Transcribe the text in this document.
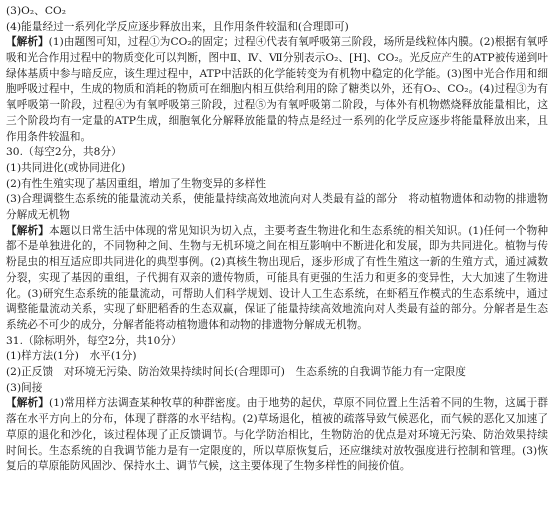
(3)O₂、CO₂
(4)能量经过一系列化学反应逐步释放出来，且作用条件较温和(合理即可)
【解析】(1)由题图可知，过程①为CO₂的固定；过程④代表有氧呼吸第三阶段，场所是线粒体内膜。(2)根据有氧呼吸和光合作用过程中的物质变化可以判断，图中Ⅱ、Ⅳ、Ⅶ分别表示O₂、[H]、CO₂。光反应产生的ATP被传递到叶绿体基质中参与暗反应，该生理过程中，ATP中活跃的化学能转变为有机物中稳定的化学能。(3)图中光合作用和细胞呼吸过程中，生成的物质和消耗的物质可在细胞内相互供给利用的除了糖类以外，还有O₂、CO₂。(4)过程③为有氧呼吸第一阶段，过程④为有氧呼吸第三阶段，过程⑤为有氧呼吸第二阶段，与体外有机物燃烧释放能量相比，这三个阶段均有一定量的ATP生成，细胞氧化分解释放能量的特点是经过一系列的化学反应逐步将能量释放出来，且作用条件较温和。
30.（每空2分，共8分）
(1)共同进化(或协同进化)
(2)有性生殖实现了基因重组，增加了生物变异的多样性
(3)合理调整生态系统的能量流动关系，使能量持续高效地流向对人类最有益的部分　将动植物遗体和动物的排遗物分解成无机物
【解析】本题以日常生活中体现的常见知识为切入点，主要考查生物进化和生态系统的相关知识。(1)任何一个物种都不是单独进化的，不同物种之间、生物与无机环境之间在相互影响中不断进化和发展，即为共同进化。植物与传粉昆虫的相互适应即共同进化的典型事例。(2)真核生物出现后，逐步形成了有性生殖这一新的生殖方式，通过减数分裂，实现了基因的重组，子代拥有双亲的遗传物质，可能具有更强的生活力和更多的变异性，大大加速了生物进化。(3)研究生态系统的能量流动，可帮助人们科学规划、设计人工生态系统，在虾稻互作模式的生态系统中，通过调整能量流动关系，实现了虾肥稻香的生态双赢，保证了能量持续高效地流向对人类最有益的部分。分解者是生态系统必不可少的成分，分解者能将动植物遗体和动物的排遗物分解成无机物。
31.（除标明外，每空2分，共10分）
(1)样方法(1分)　水平(1分)
(2)正反馈　对环境无污染、防治效果持续时间长(合理即可)　生态系统的自我调节能力有一定限度
(3)间接
【解析】(1)常用样方法调查某种牧草的种群密度。由于地势的起伏，草原不同位置上生活着不同的生物，这属于群落在水平方向上的分布，体现了群落的水平结构。(2)草场退化，植被的疏落导致气候恶化，而气候的恶化又加速了草原的退化和沙化，该过程体现了正反馈调节。与化学防治相比，生物防治的优点是对环境无污染、防治效果持续时间长。生态系统的自我调节能力是有一定限度的，所以草原恢复后，还应继续对放牧强度进行控制和管理。(3)恢复后的草原能防风固沙、保持水土、调节气候，这主要体现了生物多样性的间接价值。
